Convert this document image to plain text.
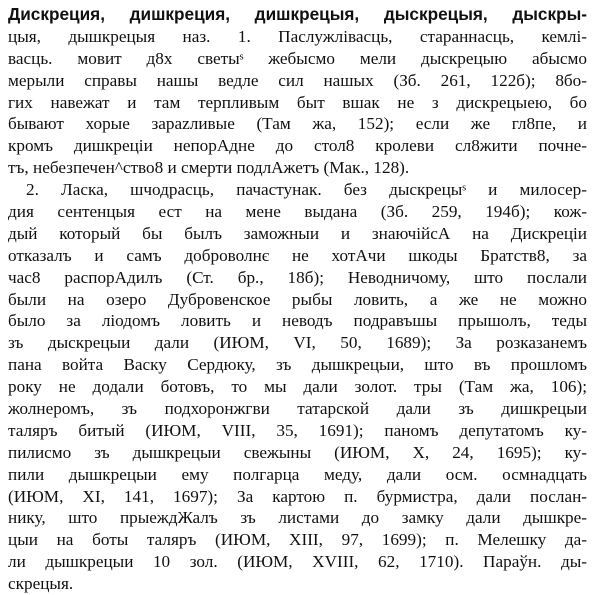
Дискреция, дишкреция, дишкрецыя, дыскрецыя, дыскры-
цыя, дышкрецыя наз. 1. Паслужлівасць, стараннасць, кемлі-
васць. мовит д8х светыˢ жебысмо мели дыскрецыю абысмо
мерыли справы нашы ведле сил нашых (Зб. 261, 122б); 8бо-
гих навежат и там терпливым быт вшак не з дискрецыею, бо
бывают хорые зарazливые (Там жа, 152); если же гл8пе, и
кромъ дишкреціи непорАдне до стол8 кролеви сл8жити почне-
тъ, небезпечен^ство8 и смерти подлАжетъ (Мак., 128).
2. Ласка, шчодрасць, пачастунак. без дыскрецыˢ и милосер-
дия сентенцыя ест на мене выдана (Зб. 259, 194б); кож-
дый который бы былъ заможныи и знаючійсА на Дискреціи
отказалъ и самъ доброволнє не хотАчи шкоды Братств8, за
час8 распорАдилъ (Ст. бр., 18б); Неводничому, што послали
были на озеро Дубровенское рыбы ловить, а же не можно
было за лiодомъ ловить и неводъ подравъшы прышолъ, теды
зъ дыскрецыи дали (ИЮМ, VI, 50, 1689); За розказанемъ
пана войта Васку Сердюку, зъ дышкрецыи, што въ прошломъ
року не додали ботовъ, то мы дали золот. тры (Там жа, 106);
жолнеромъ, зъ подхоронжгви татарской дали зъ дишкрецыи
таляръ битый (ИЮМ, VIII, 35, 1691); паномъ депутатомъ ку-
пилисмо зъ дышкрецыи свежыны (ИЮМ, X, 24, 1695); ку-
пили дышкрецыи ему полгарца меду, дали осм. осмнадцать
(ИЮМ, XI, 141, 1697); За картою п. бурмистра, дали послан-
нику, што прыеждЖалъ зъ листами до замку дали дышкре-
цыи на боты таляръ (ИЮМ, XIII, 97, 1699); п. Мелешку да-
ли дышкрецыи 10 зол. (ИЮМ, XVIII, 62, 1710). Параўн. ды-
скрецыя.
